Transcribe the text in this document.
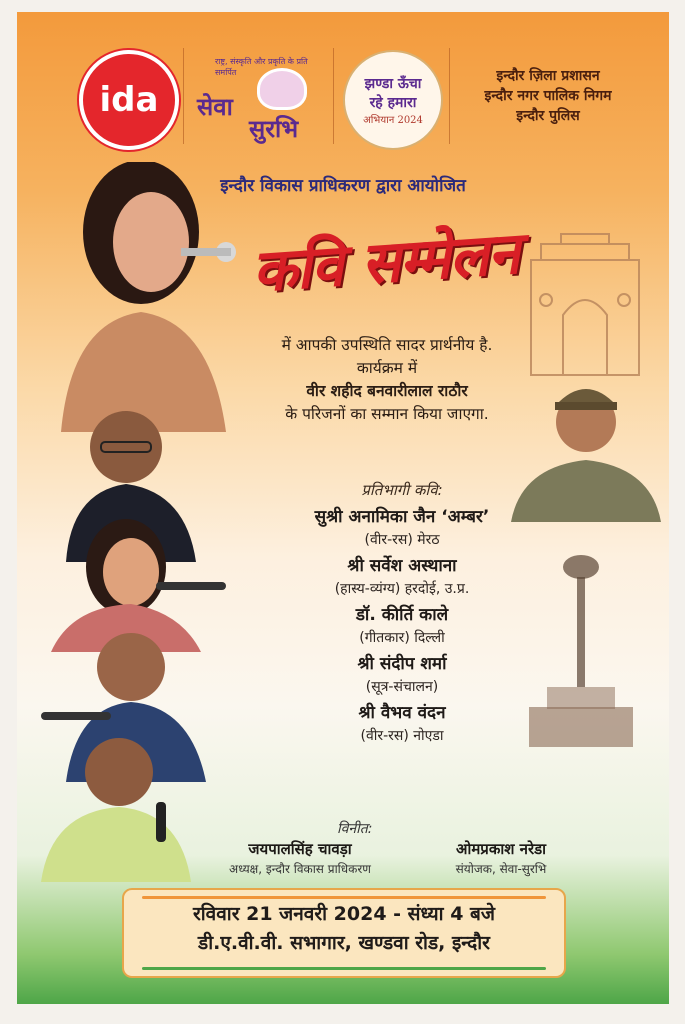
ida
राष्ट्र, संस्कृति और प्रकृति के प्रति समर्पित
सेवा
सुरभि
झण्डा ऊँचा
रहे हमारा
अभियान 2024
इन्दौर ज़िला प्रशासन
इन्दौर नगर पालिक निगम
इन्दौर पुलिस
इन्दौर विकास प्राधिकरण द्वारा आयोजित
कवि सम्मेलन
में आपकी उपस्थिति सादर प्रार्थनीय है.
कार्यक्रम में
वीर शहीद बनवारीलाल राठौर
के परिजनों का सम्मान किया जाएगा.
प्रतिभागी कवि:
सुश्री अनामिका जैन ‘अम्बर’
(वीर-रस) मेरठ
श्री सर्वेश अस्थाना
(हास्य-व्यंग्य) हरदोई, उ.प्र.
डॉ. कीर्ति काले
(गीतकार) दिल्ली
श्री संदीप शर्मा
(सूत्र-संचालन)
श्री वैभव वंदन
(वीर-रस) नोएडा
विनीत:
जयपालसिंह चावड़ा
अध्यक्ष, इन्दौर विकास प्राधिकरण
ओमप्रकाश नरेडा
संयोजक, सेवा-सुरभि
रविवार 21 जनवरी 2024 - संध्या 4 बजे
डी.ए.वी.वी. सभागार, खण्डवा रोड, इन्दौर
